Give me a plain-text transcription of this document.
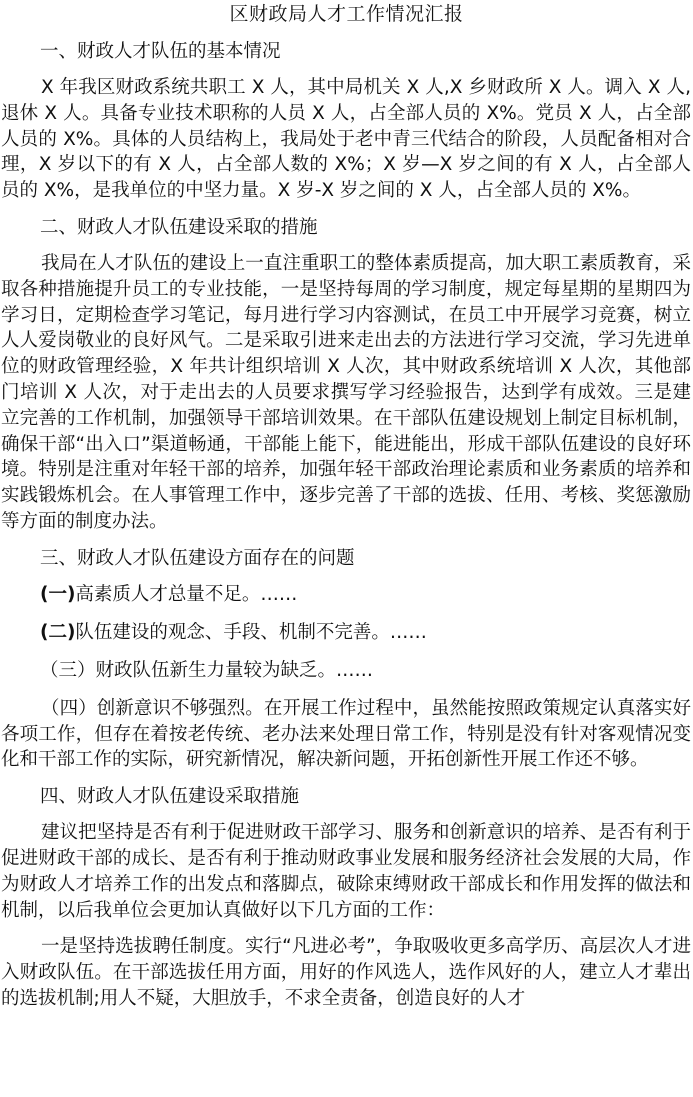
区财政局人才工作情况汇报
一、财政人才队伍的基本情况

X 年我区财政系统共职工 X 人，其中局机关 X 人,X 乡财政所 X 人。调入 X 人,退休 X 人。具备专业技术职称的人员 X 人，占全部人员的 X%。党员 X 人，占全部人员的 X%。具体的人员结构上，我局处于老中青三代结合的阶段，人员配备相对合理，X 岁以下的有 X 人，占全部人数的 X%；X 岁—X 岁之间的有 X 人，占全部人员的 X%，是我单位的中坚力量。X 岁-X 岁之间的 X 人，占全部人员的 X%。

二、财政人才队伍建设采取的措施

我局在人才队伍的建设上一直注重职工的整体素质提高，加大职工素质教育，采取各种措施提升员工的专业技能，一是坚持每周的学习制度，规定每星期的星期四为学习日，定期检查学习笔记，每月进行学习内容测试，在员工中开展学习竞赛，树立人人爱岗敬业的良好风气。二是采取引进来走出去的方法进行学习交流，学习先进单位的财政管理经验，X 年共计组织培训 X 人次，其中财政系统培训 X 人次，其他部门培训 X 人次，对于走出去的人员要求撰写学习经验报告，达到学有成效。三是建立完善的工作机制，加强领导干部培训效果。在干部队伍建设规划上制定目标机制，确保干部“出入口”渠道畅通，干部能上能下，能进能出，形成干部队伍建设的良好环境。特别是注重对年轻干部的培养，加强年轻干部政治理论素质和业务素质的培养和实践锻炼机会。在人事管理工作中，逐步完善了干部的选拔、任用、考核、奖惩激励等方面的制度办法。

三、财政人才队伍建设方面存在的问题
(一)高素质人才总量不足。……
(二)队伍建设的观念、手段、机制不完善。……
（三）财政队伍新生力量较为缺乏。……

（四）创新意识不够强烈。在开展工作过程中，虽然能按照政策规定认真落实好各项工作，但存在着按老传统、老办法来处理日常工作，特别是没有针对客观情况变化和干部工作的实际，研究新情况，解决新问题，开拓创新性开展工作还不够。

四、财政人才队伍建设采取措施

建议把坚持是否有利于促进财政干部学习、服务和创新意识的培养、是否有利于促进财政干部的成长、是否有利于推动财政事业发展和服务经济社会发展的大局，作为财政人才培养工作的出发点和落脚点，破除束缚财政干部成长和作用发挥的做法和机制，以后我单位会更加认真做好以下几方面的工作：

一是坚持选拔聘任制度。实行“凡进必考”，争取吸收更多高学历、高层次人才进入财政队伍。在干部选拔任用方面，用好的作风选人，选作风好的人，建立人才辈出的选拔机制;用人不疑，大胆放手，不求全责备，创造良好的人才
